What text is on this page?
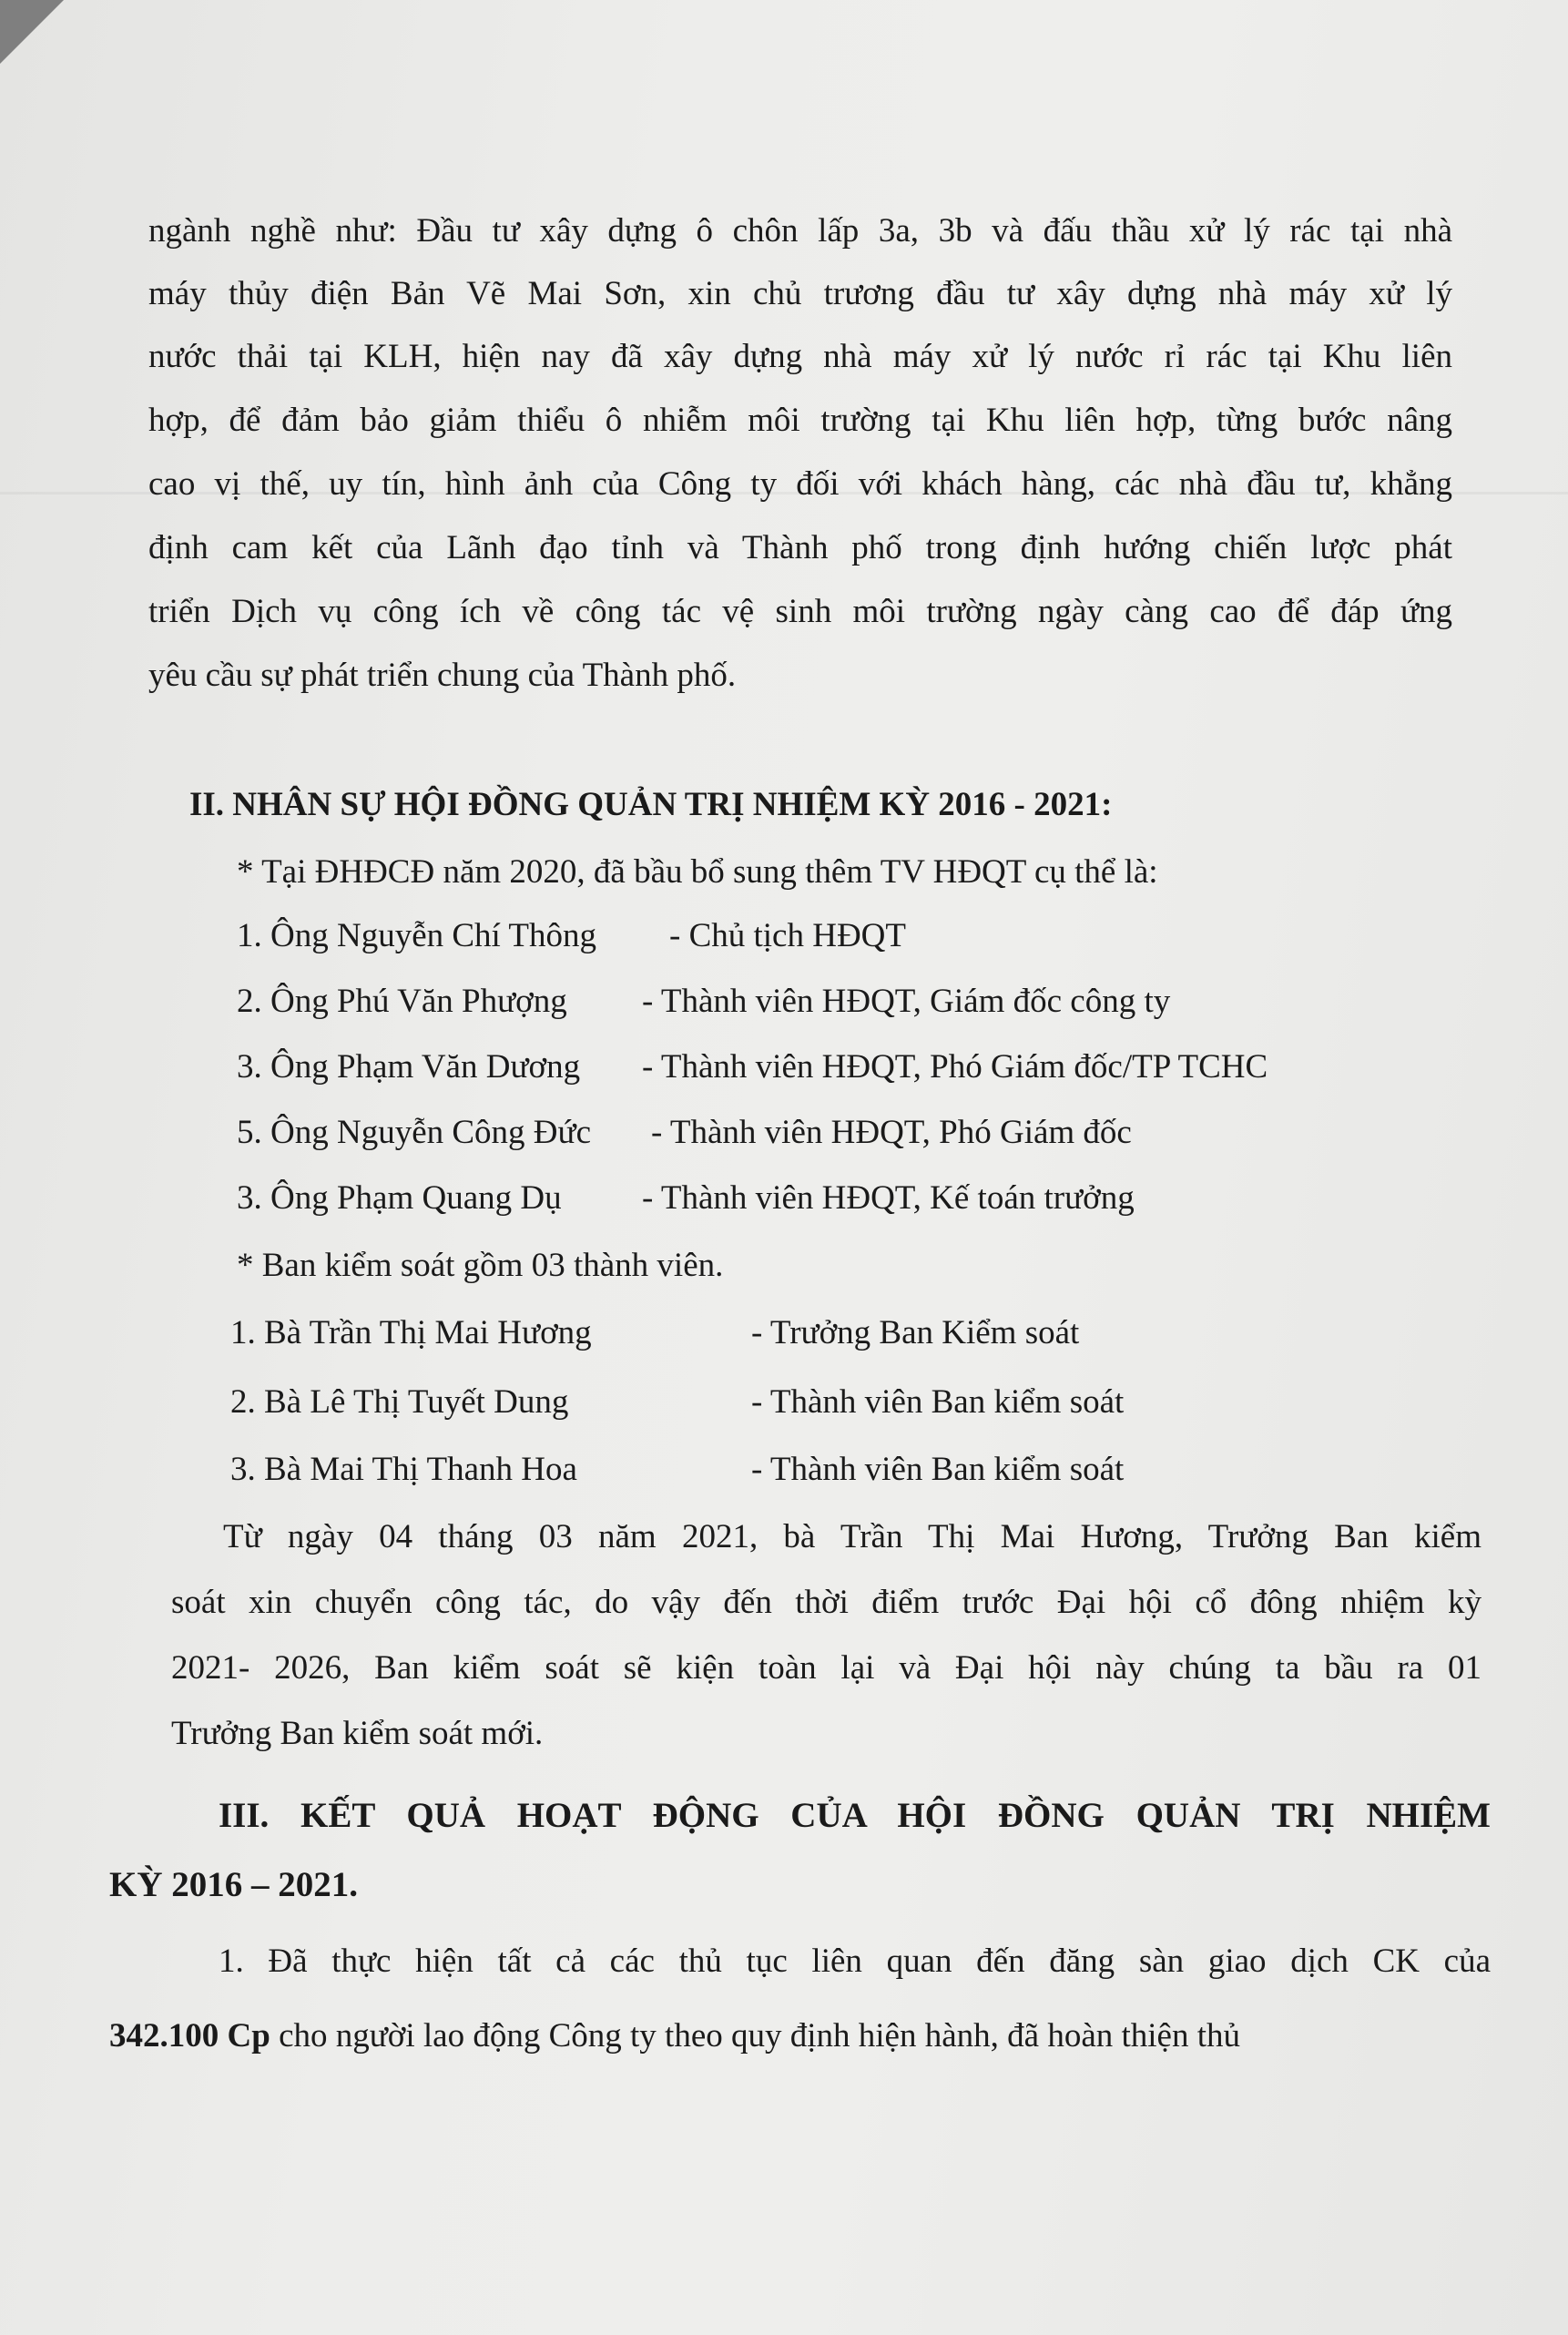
ngành nghề như: Đầu tư xây dựng ô chôn lấp 3a, 3b và đấu thầu xử lý rác tại nhà
máy thủy điện Bản Vẽ Mai Sơn, xin chủ trương đầu tư xây dựng nhà máy xử lý
nước thải tại KLH, hiện nay đã xây dựng nhà máy xử lý nước rỉ rác tại Khu liên
hợp, để đảm bảo giảm thiểu ô nhiễm môi trường tại Khu liên hợp, từng bước nâng
cao vị thế, uy tín, hình ảnh của Công ty đối với khách hàng, các nhà đầu tư, khẳng
định cam kết của Lãnh đạo tỉnh và Thành phố trong định hướng chiến lược phát
triển Dịch vụ công ích về công tác vệ sinh môi trường ngày càng cao để đáp ứng
yêu cầu sự phát triển chung của Thành phố.
II. NHÂN SỰ HỘI ĐỒNG QUẢN TRỊ NHIỆM KỲ 2016 - 2021:
* Tại ĐHĐCĐ năm 2020, đã bầu bổ sung thêm TV HĐQT cụ thể là:
1. Ông Nguyễn Chí Thông - Chủ tịch HĐQT
2. Ông Phú Văn Phượng - Thành viên HĐQT, Giám đốc công ty
3. Ông Phạm Văn Dương - Thành viên HĐQT, Phó Giám đốc/TP TCHC
5. Ông Nguyễn Công Đức - Thành viên HĐQT, Phó Giám đốc
3. Ông Phạm Quang Dụ - Thành viên HĐQT, Kế toán trưởng
* Ban kiểm soát gồm 03 thành viên.
1. Bà Trần Thị Mai Hương	- Trưởng Ban Kiểm soát
2. Bà Lê Thị Tuyết Dung	- Thành viên Ban kiểm soát
3. Bà Mai Thị Thanh Hoa	- Thành viên Ban kiểm soát
Từ ngày 04 tháng 03 năm 2021, bà Trần Thị Mai Hương, Trưởng Ban kiểm
soát xin chuyển công tác, do vậy đến thời điểm trước Đại hội cổ đông nhiệm kỳ
2021- 2026, Ban kiểm soát sẽ kiện toàn lại và Đại hội này chúng ta bầu ra 01
Trưởng Ban kiểm soát mới.
III. KẾT QUẢ HOẠT ĐỘNG CỦA HỘI ĐỒNG QUẢN TRỊ NHIỆM
KỲ 2016 – 2021.
1. Đã thực hiện tất cả các thủ tục liên quan đến đăng sàn giao dịch CK của
342.100 Cp cho người lao động Công ty theo quy định hiện hành, đã hoàn thiện thủ
